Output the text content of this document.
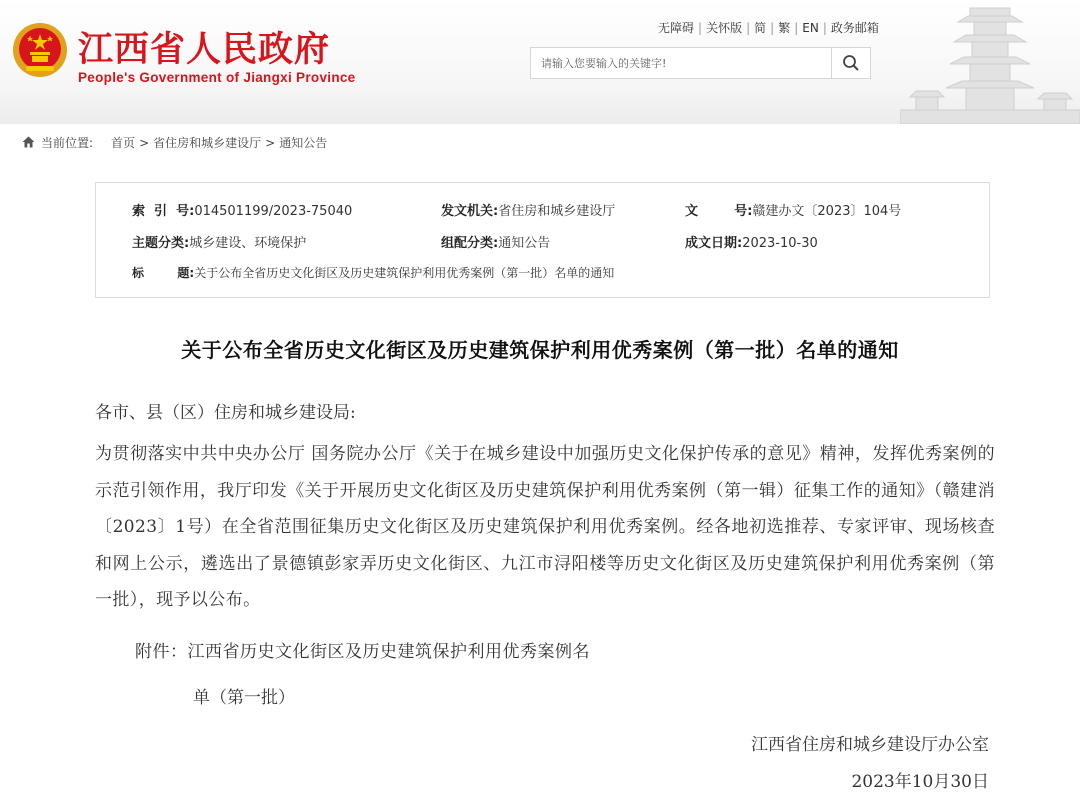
江西省人民政府
People's Government of Jiangxi Province
无障碍 | 关怀版 | 简 | 繁 | EN | 政务邮箱
请输入您要输入的关键字!
当前位置: 首页 > 省住房和城乡建设厅 > 通知公告
索  引  号:014501199/2023-75040	发文机关:省住房和城乡建设厅	文        号:赣建办文〔2023〕104号
主题分类:城乡建设、环境保护	组配分类:通知公告	成文日期:2023-10-30
标        题:关于公布全省历史文化街区及历史建筑保护利用优秀案例（第一批）名单的通知
关于公布全省历史文化街区及历史建筑保护利用优秀案例（第一批）名单的通知
各市、县（区）住房和城乡建设局:
为贯彻落实中共中央办公厅 国务院办公厅《关于在城乡建设中加强历史文化保护传承的意见》精神，发挥优秀案例的示范引领作用，我厅印发《关于开展历史文化街区及历史建筑保护利用优秀案例（第一辑）征集工作的通知》（赣建消〔2023〕1号）在全省范围征集历史文化街区及历史建筑保护利用优秀案例。经各地初选推荐、专家评审、现场核查和网上公示，遴选出了景德镇彭家弄历史文化街区、九江市浔阳楼等历史文化街区及历史建筑保护利用优秀案例（第一批），现予以公布。
附件：江西省历史文化街区及历史建筑保护利用优秀案例名
单（第一批）
江西省住房和城乡建设厅办公室
2023年10月30日
